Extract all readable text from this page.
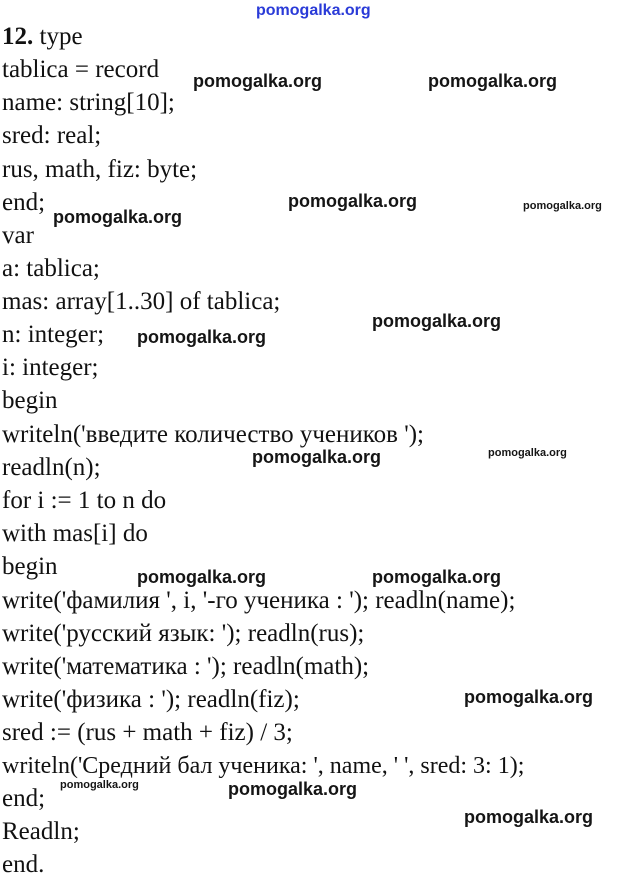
pomogalka.org
12. type
tablica = record
name: string[10];
sred: real;
rus, math, fiz: byte;
end;
var
a: tablica;
mas: array[1..30] of tablica;
n: integer;
i: integer;
begin
writeln('введите количество учеников ');
readln(n);
for i := 1 to n do
with mas[i] do
begin
write('фамилия ', i, '-го ученика : '); readln(name);
write('русский язык: '); readln(rus);
write('математика : '); readln(math);
write('физика : '); readln(fiz);
sred := (rus + math + fiz) / 3;
writeln('Средний бал ученика: ', name, ' ', sred: 3: 1);
end;
Readln;
end.
pomogalka.org	pomogalka.org
pomogalka.org
pomogalka.org	pomogalka.org
pomogalka.org
pomogalka.org
pomogalka.org	pomogalka.org
pomogalka.org	pomogalka.org
pomogalka.org
pomogalka.org	pomogalka.org
pomogalka.org
